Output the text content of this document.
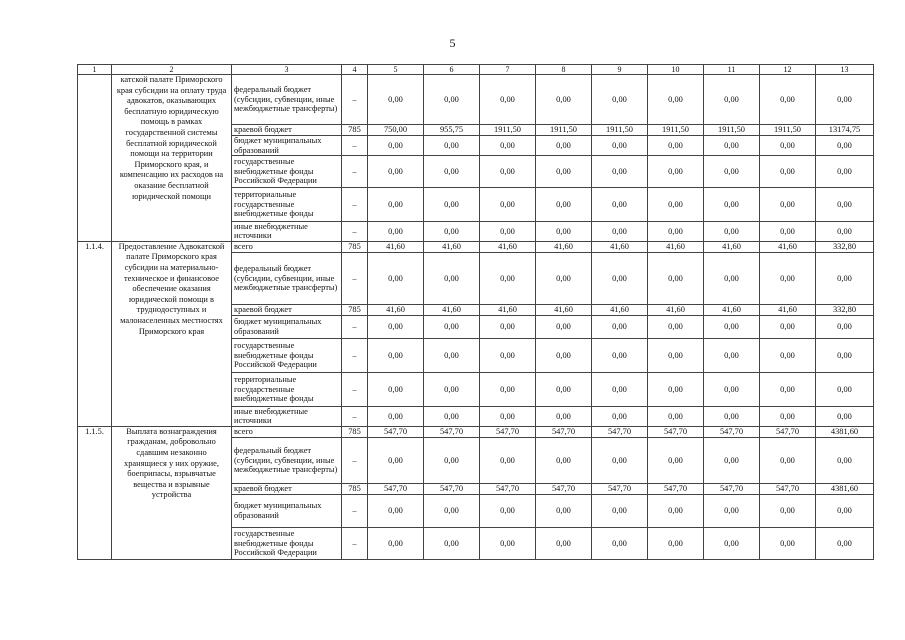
5
1	2	3	4	5	6	7	8	9	10	11	12	13
	катской палате Приморского края субсидии на оплату труда адвокатов, оказывающих бесплатную юридическую помощь в рамках государственной системы бесплатной юридической помощи на территории Приморского края, и компенсацию их расходов на оказание бесплатной юридической помощи	федеральный бюджет (субсидии, субвенции, иные межбюджетные трансферты)	–	0,00	0,00	0,00	0,00	0,00	0,00	0,00	0,00	0,00
		краевой бюджет	785	750,00	955,75	1911,50	1911,50	1911,50	1911,50	1911,50	1911,50	13174,75
		бюджет муниципальных образований	–	0,00	0,00	0,00	0,00	0,00	0,00	0,00	0,00	0,00
		государственные внебюджетные фонды Российской Федерации	–	0,00	0,00	0,00	0,00	0,00	0,00	0,00	0,00	0,00
		территориальные государственные внебюджетные фонды	–	0,00	0,00	0,00	0,00	0,00	0,00	0,00	0,00	0,00
		иные внебюджетные источники	–	0,00	0,00	0,00	0,00	0,00	0,00	0,00	0,00	0,00
1.1.4.	Предоставление Адвокатской палате Приморского края субсидии на материально-техническое и финансовое обеспечение оказания юридической помощи в труднодоступных и малонаселенных местностях Приморского края	всего	785	41,60	41,60	41,60	41,60	41,60	41,60	41,60	41,60	332,80
		федеральный бюджет (субсидии, субвенции, иные межбюджетные трансферты)	–	0,00	0,00	0,00	0,00	0,00	0,00	0,00	0,00	0,00
		краевой бюджет	785	41,60	41,60	41,60	41,60	41,60	41,60	41,60	41,60	332,80
		бюджет муниципальных образований	–	0,00	0,00	0,00	0,00	0,00	0,00	0,00	0,00	0,00
		государственные внебюджетные фонды Российской Федерации	–	0,00	0,00	0,00	0,00	0,00	0,00	0,00	0,00	0,00
		территориальные государственные внебюджетные фонды	–	0,00	0,00	0,00	0,00	0,00	0,00	0,00	0,00	0,00
		иные внебюджетные источники	–	0,00	0,00	0,00	0,00	0,00	0,00	0,00	0,00	0,00
1.1.5.	Выплата вознаграждения гражданам, добровольно сдавшим незаконно хранящиеся у них оружие, боеприпасы, взрывчатые вещества и взрывные устройства	всего	785	547,70	547,70	547,70	547,70	547,70	547,70	547,70	547,70	4381,60
		федеральный бюджет (субсидии, субвенции, иные межбюджетные трансферты)	–	0,00	0,00	0,00	0,00	0,00	0,00	0,00	0,00	0,00
		краевой бюджет	785	547,70	547,70	547,70	547,70	547,70	547,70	547,70	547,70	4381,60
		бюджет муниципальных образований	–	0,00	0,00	0,00	0,00	0,00	0,00	0,00	0,00	0,00
		государственные внебюджетные фонды Российской Федерации	–	0,00	0,00	0,00	0,00	0,00	0,00	0,00	0,00	0,00
